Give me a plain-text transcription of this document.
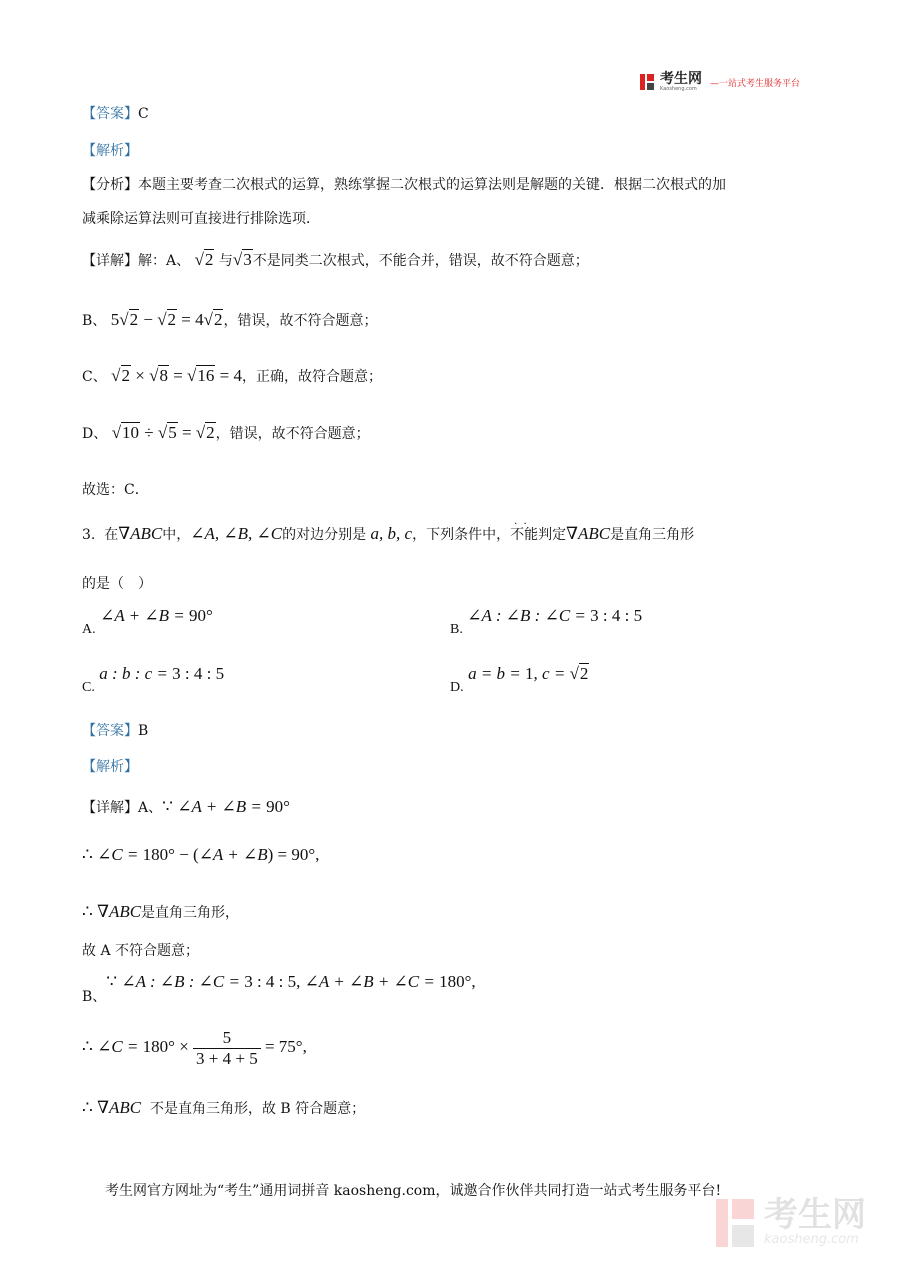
考生网
Kaosheng.com
—一站式考生服务平台
【答案】C
【解析】
【分析】本题主要考查二次根式的运算，熟练掌握二次根式的运算法则是解题的关键．根据二次根式的加
减乘除运算法则可直接进行排除选项．
【详解】解：A、 √2 与√3不是同类二次根式，不能合并，错误，故不符合题意；
B、 5√2 − √2 = 4√2，错误，故不符合题意；
C、 √2 × √8 = √16 = 4，正确，故符合题意；
D、 √10 ÷ √5 = √2，错误，故不符合题意；
故选：C．
3. 在∇ABC中，∠A, ∠B, ∠C的对边分别是 a, b, c，下列条件中，不能
·  ·
判定∇ABC是直角三角形
的是（　）
A. ∠A + ∠B = 90°
B. ∠A : ∠B : ∠C = 3 : 4 : 5
C. a : b : c = 3 : 4 : 5
D. a = b = 1, c = √2
【答案】B
【解析】
【详解】A、∵ ∠A + ∠B = 90°
∴ ∠C = 180° − (∠A + ∠B) = 90°,
∴ ∇ABC是直角三角形，
故 A 不符合题意；
B、∵ ∠A : ∠B : ∠C = 3 : 4 : 5, ∠A + ∠B + ∠C = 180°,
∴ ∠C = $180^\circ \times \frac{5}{3 + 4 + 5} = 75^\circ$,
∴ ∇ABC 不是直角三角形，故 B 符合题意；
考生网官方网址为“考生”通用词拼音 kaosheng.com，诚邀合作伙伴共同打造一站式考生服务平台!
考生网
kaosheng.com
